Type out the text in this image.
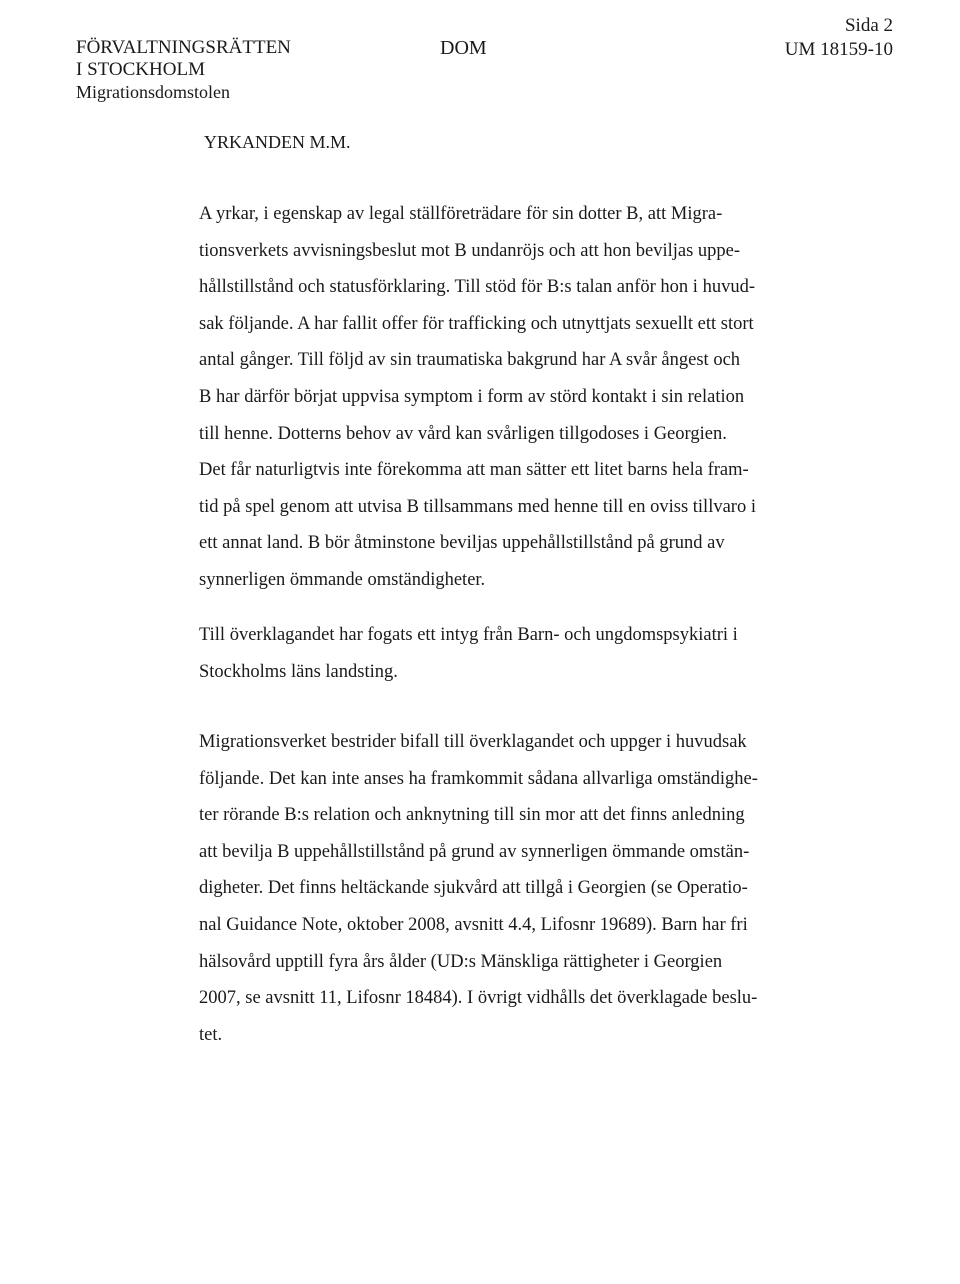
FÖRVALTNINGSRÄTTEN
I STOCKHOLM
Migrationsdomstolen
DOM
Sida 2
UM 18159-10
YRKANDEN M.M.
A yrkar, i egenskap av legal ställföreträdare för sin dotter B, att Migra-
tionsverkets avvisningsbeslut mot B undanröjs och att hon beviljas uppe-
hållstillstånd och statusförklaring. Till stöd för B:s talan anför hon i huvud-
sak följande. A har fallit offer för trafficking och utnyttjats sexuellt ett stort
antal gånger. Till följd av sin traumatiska bakgrund har A svår ångest och
B har därför börjat uppvisa symptom i form av störd kontakt i sin relation
till henne. Dotterns behov av vård kan svårligen tillgodoses i Georgien.
Det får naturligtvis inte förekomma att man sätter ett litet barns hela fram-
tid på spel genom att utvisa B tillsammans med henne till en oviss tillvaro i
ett annat land. B bör åtminstone beviljas uppehållstillstånd på grund av
synnerligen ömmande omständigheter.
Till överklagandet har fogats ett intyg från Barn- och ungdomspsykiatri i
Stockholms läns landsting.
Migrationsverket bestrider bifall till överklagandet och uppger i huvudsak
följande. Det kan inte anses ha framkommit sådana allvarliga omständighe-
ter rörande B:s relation och anknytning till sin mor att det finns anledning
att bevilja B uppehållstillstånd på grund av synnerligen ömmande omstän-
digheter. Det finns heltäckande sjukvård att tillgå i Georgien (se Operatio-
nal Guidance Note, oktober 2008, avsnitt 4.4, Lifosnr 19689). Barn har fri
hälsovård upptill fyra års ålder (UD:s Mänskliga rättigheter i Georgien
2007, se avsnitt 11, Lifosnr 18484). I övrigt vidhålls det överklagade beslu-
tet.
